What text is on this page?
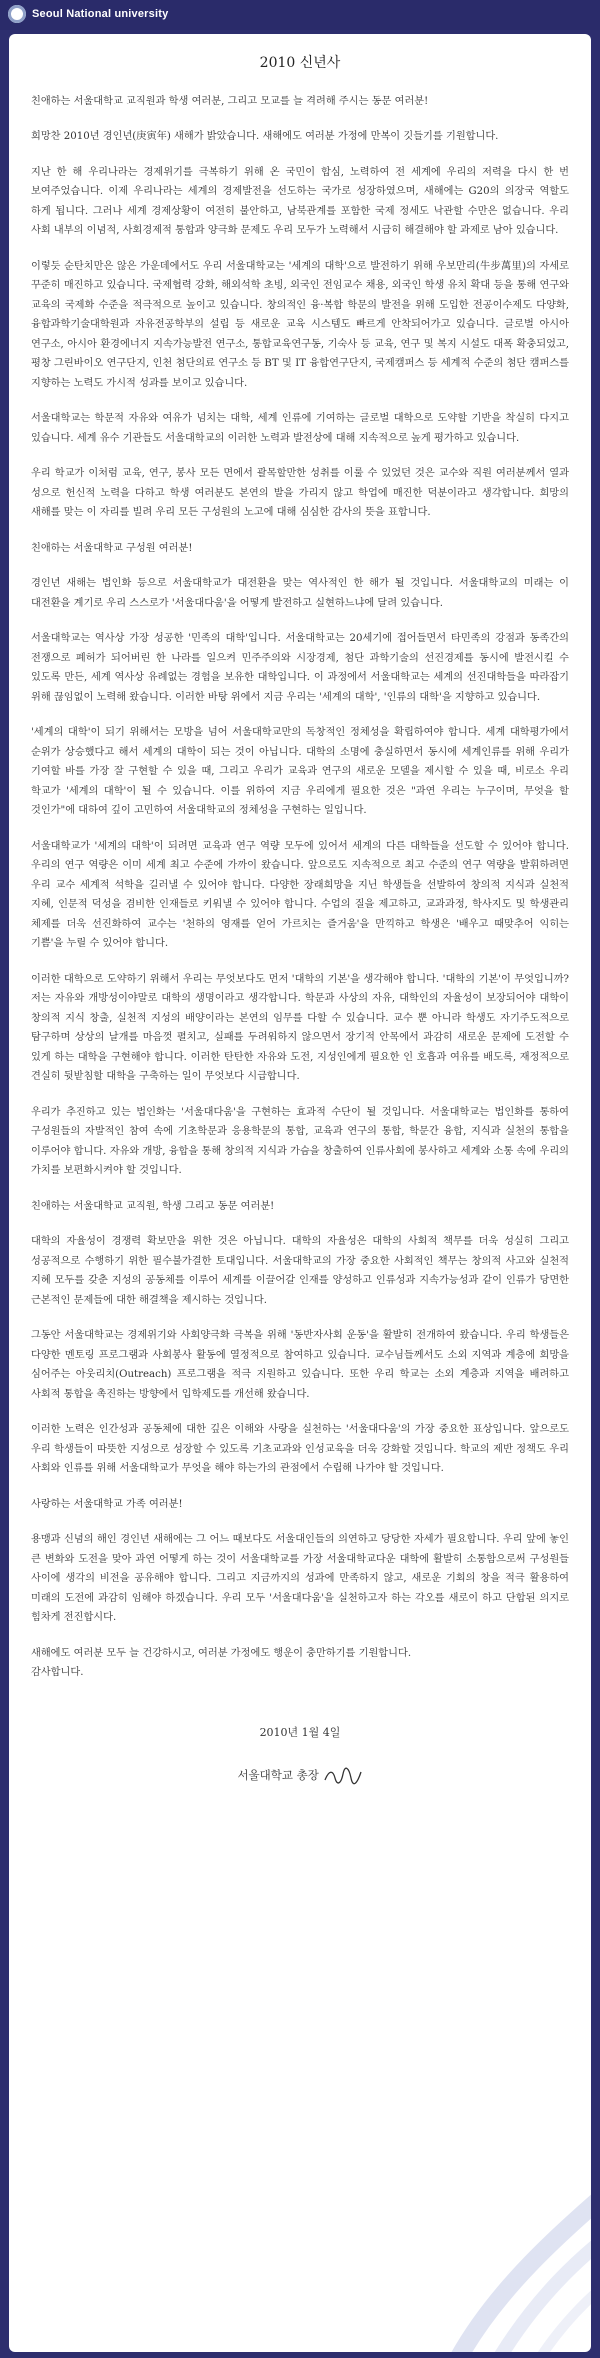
Seoul National university
2010 신년사

친애하는 서울대학교 교직원과 학생 여러분, 그리고 모교를 늘 격려해 주시는 동문 여러분!

희망찬 2010년 경인년(庚寅年) 새해가 밝았습니다. 새해에도 여러분 가정에 만복이 깃들기를 기원합니다.

지난 한 해 우리나라는 경제위기를 극복하기 위해 온 국민이 합심, 노력하여 전 세계에 우리의 저력을 다시 한 번 보여주었습니다. 이제 우리나라는 세계의 경제발전을 선도하는 국가로 성장하였으며, 새해에는 G20의 의장국 역할도 하게 됩니다. 그러나 세계 경제상황이 여전히 불안하고, 남북관계를 포함한 국제 정세도 낙관할 수만은 없습니다. 우리 사회 내부의 이념적, 사회경제적 통합과 양극화 문제도 우리 모두가 노력해서 시급히 해결해야 할 과제로 남아 있습니다.

이렇듯 순탄치만은 않은 가운데에서도 우리 서울대학교는 '세계의 대학'으로 발전하기 위해 우보만리(牛步萬里)의 자세로 꾸준히 매진하고 있습니다. 국제협력 강화, 해외석학 초빙, 외국인 전임교수 채용, 외국인 학생 유치 확대 등을 통해 연구와 교육의 국제화 수준을 적극적으로 높이고 있습니다. 창의적인 융·복합 학문의 발전을 위해 도입한 전공이수제도 다양화, 융합과학기술대학원과 자유전공학부의 설립 등 새로운 교육 시스템도 빠르게 안착되어가고 있습니다. 글로벌 아시아 연구소, 아시아 환경에너지 지속가능발전 연구소, 통합교육연구동, 기숙사 등 교육, 연구 및 복지 시설도 대폭 확충되었고, 평창 그린바이오 연구단지, 인천 첨단의료 연구소 등 BT 및 IT 융합연구단지, 국제캠퍼스 등 세계적 수준의 첨단 캠퍼스를 지향하는 노력도 가시적 성과를 보이고 있습니다.

서울대학교는 학문적 자유와 여유가 넘치는 대학, 세계 인류에 기여하는 글로벌 대학으로 도약할 기반을 착실히 다지고 있습니다. 세계 유수 기관들도 서울대학교의 이러한 노력과 발전상에 대해 지속적으로 높게 평가하고 있습니다.

우리 학교가 이처럼 교육, 연구, 봉사 모든 면에서 괄목할만한 성취를 이룰 수 있었던 것은 교수와 직원 여러분께서 열과 성으로 헌신적 노력을 다하고 학생 여러분도 본연의 발을 가리지 않고 학업에 매진한 덕분이라고 생각합니다. 희망의 새해를 맞는 이 자리를 빌려 우리 모든 구성원의 노고에 대해 심심한 감사의 뜻을 표합니다.

친애하는 서울대학교 구성원 여러분!

경인년 새해는 법인화 등으로 서울대학교가 대전환을 맞는 역사적인 한 해가 될 것입니다. 서울대학교의 미래는 이 대전환을 계기로 우리 스스로가 '서울대다움'을 어떻게 발전하고 실현하느냐에 달려 있습니다.

서울대학교는 역사상 가장 성공한 '민족의 대학'입니다. 서울대학교는 20세기에 접어들면서 타민족의 강점과 동족간의 전쟁으로 폐허가 되어버린 한 나라를 일으켜 민주주의와 시장경제, 첨단 과학기술의 선진경제를 동시에 발전시킬 수 있도록 만든, 세계 역사상 유례없는 경험을 보유한 대학입니다. 이 과정에서 서울대학교는 세계의 선진대학들을 따라잡기 위해 끊임없이 노력해 왔습니다. 이러한 바탕 위에서 지금 우리는 '세계의 대학', '인류의 대학'을 지향하고 있습니다.

'세계의 대학'이 되기 위해서는 모방을 넘어 서울대학교만의 독창적인 정체성을 확립하여야 합니다. 세계 대학평가에서 순위가 상승했다고 해서 세계의 대학이 되는 것이 아닙니다. 대학의 소명에 충실하면서 동시에 세계인류를 위해 우리가 기여할 바를 가장 잘 구현할 수 있을 때, 그리고 우리가 교육과 연구의 새로운 모델을 제시할 수 있을 때, 비로소 우리 학교가 '세계의 대학'이 될 수 있습니다. 이를 위하여 지금 우리에게 필요한 것은 "과연 우리는 누구이며, 무엇을 할 것인가"에 대하여 깊이 고민하여 서울대학교의 정체성을 구현하는 일입니다.

서울대학교가 '세계의 대학'이 되려면 교육과 연구 역량 모두에 있어서 세계의 다른 대학들을 선도할 수 있어야 합니다. 우리의 연구 역량은 이미 세계 최고 수준에 가까이 왔습니다. 앞으로도 지속적으로 최고 수준의 연구 역량을 발휘하려면 우리 교수 세계적 석학을 길러낼 수 있어야 합니다. 다양한 장래희망을 지닌 학생들을 선발하여 창의적 지식과 실천적 지혜, 인문적 덕성을 겸비한 인재들로 키워낼 수 있어야 합니다. 수업의 질을 제고하고, 교과과정, 학사지도 및 학생관리 체제를 더욱 선진화하여 교수는 '천하의 영재를 얻어 가르치는 즐거움'을 만끽하고 학생은 '배우고 때맞추어 익히는 기쁨'을 누릴 수 있어야 합니다.

이러한 대학으로 도약하기 위해서 우리는 무엇보다도 먼저 '대학의 기본'을 생각해야 합니다. '대학의 기본'이 무엇입니까? 저는 자유와 개방성이야말로 대학의 생명이라고 생각합니다. 학문과 사상의 자유, 대학인의 자율성이 보장되어야 대학이 창의적 지식 창출, 실천적 지성의 배양이라는 본연의 임무를 다할 수 있습니다. 교수 뿐 아니라 학생도 자기주도적으로 탐구하며 상상의 날개를 마음껏 펼치고, 실패를 두려워하지 않으면서 장기적 안목에서 과감히 새로운 문제에 도전할 수 있게 하는 대학을 구현해야 합니다. 이러한 탄탄한 자유와 도전, 지성인에게 필요한 인 호흡과 여유를 배도록, 재정적으로 견실히 뒷받침할 대학을 구축하는 일이 무엇보다 시급합니다.

우리가 추진하고 있는 법인화는 '서울대다움'을 구현하는 효과적 수단이 될 것입니다. 서울대학교는 법인화를 통하여 구성원들의 자발적인 참여 속에 기초학문과 응용학문의 통합, 교육과 연구의 통합, 학문간 융합, 지식과 실천의 통합을 이루어야 합니다. 자유와 개방, 융합을 통해 창의적 지식과 가슴을 창출하여 인류사회에 봉사하고 세계와 소통 속에 우리의 가치를 보편화시켜야 할 것입니다.

친애하는 서울대학교 교직원, 학생 그리고 동문 여러분!

대학의 자율성이 경쟁력 확보만을 위한 것은 아닙니다. 대학의 자율성은 대학의 사회적 책무를 더욱 성실히 그리고 성공적으로 수행하기 위한 필수불가결한 토대입니다. 서울대학교의 가장 중요한 사회적인 책무는 창의적 사고와 실천적 지혜 모두를 갖춘 지성의 공동체를 이루어 세계를 이끌어갈 인재를 양성하고 인류성과 지속가능성과 같이 인류가 당면한 근본적인 문제들에 대한 해결책을 제시하는 것입니다.

그동안 서울대학교는 경제위기와 사회양극화 극복을 위해 '동반자사회 운동'을 활발히 전개하여 왔습니다. 우리 학생들은 다양한 멘토링 프로그램과 사회봉사 활동에 열정적으로 참여하고 있습니다. 교수님들께서도 소외 지역과 계층에 희망을 심어주는 아웃리치(Outreach) 프로그램을 적극 지원하고 있습니다. 또한 우리 학교는 소외 계층과 지역을 배려하고 사회적 통합을 촉진하는 방향에서 입학제도를 개선해 왔습니다.

이러한 노력은 인간성과 공동체에 대한 깊은 이해와 사랑을 실천하는 '서울대다움'의 가장 중요한 표상입니다. 앞으로도 우리 학생들이 따뜻한 지성으로 성장할 수 있도록 기초교과와 인성교육을 더욱 강화할 것입니다. 학교의 제반 정책도 우리 사회와 인류를 위해 서울대학교가 무엇을 해야 하는가의 관점에서 수립해 나가야 할 것입니다.

사랑하는 서울대학교 가족 여러분!

용맹과 신념의 해인 경인년 새해에는 그 어느 때보다도 서울대인들의 의연하고 당당한 자세가 필요합니다. 우리 앞에 놓인 큰 변화와 도전을 맞아 과연 어떻게 하는 것이 서울대학교를 가장 서울대학교다운 대학에 활발히 소통함으로써 구성원들 사이에 생각의 비전을 공유해야 합니다. 그리고 지금까지의 성과에 만족하지 않고, 새로운 기회의 창을 적극 활용하여 미래의 도전에 과감히 임해야 하겠습니다. 우리 모두 '서울대다움'을 실천하고자 하는 각오를 새로이 하고 단합된 의지로 힘차게 전진합시다.

새해에도 여러분 모두 늘 건강하시고, 여러분 가정에도 행운이 충만하기를 기원합니다.
감사합니다.

2010년 1월 4일
서울대학교 총장
